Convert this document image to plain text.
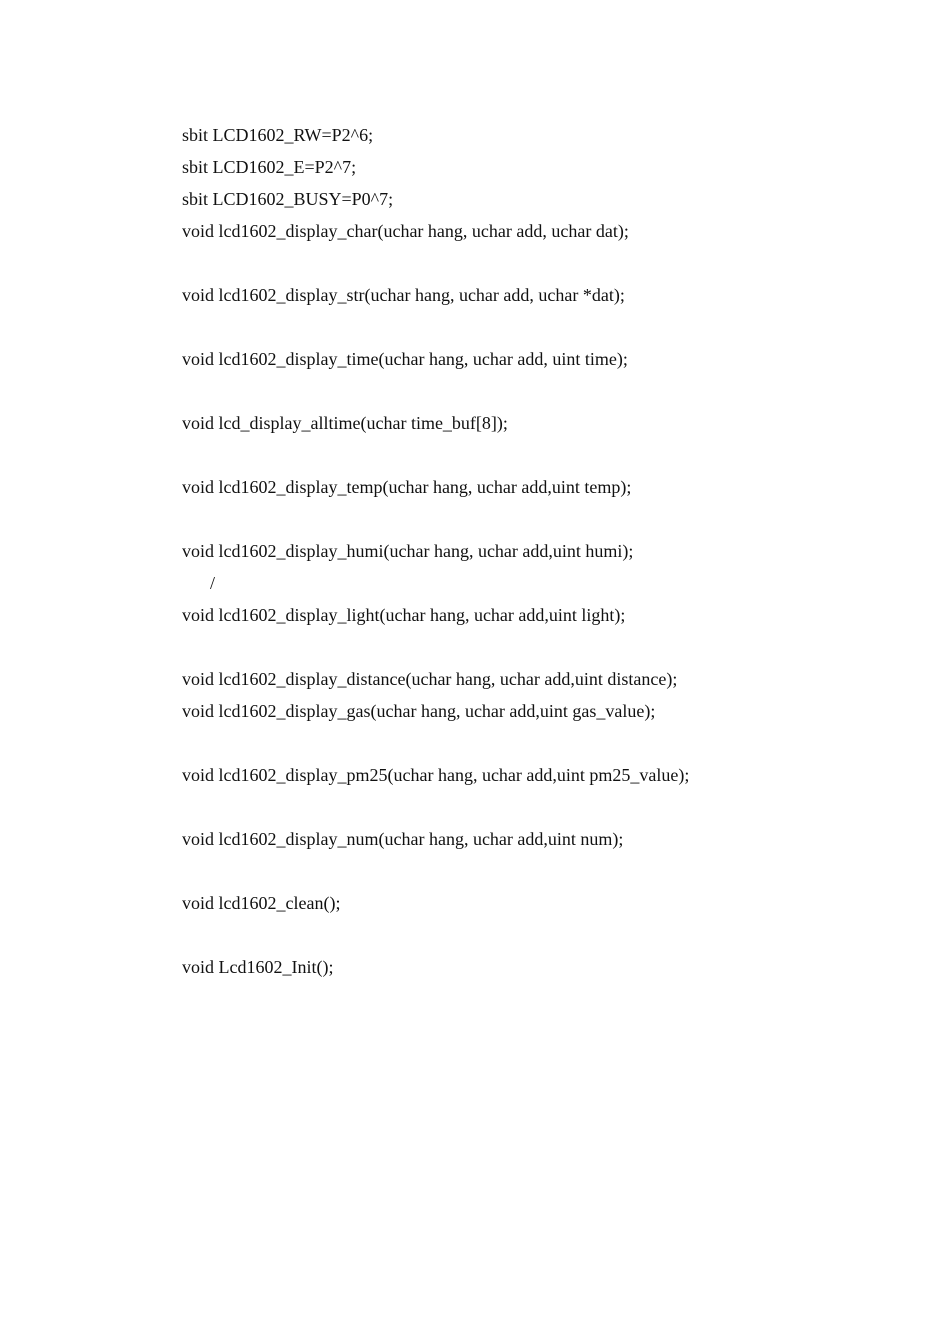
sbit LCD1602_RW=P2^6;
sbit LCD1602_E=P2^7;
sbit LCD1602_BUSY=P0^7;
void lcd1602_display_char(uchar hang, uchar add, uchar dat);
void lcd1602_display_str(uchar hang, uchar add, uchar *dat);
void lcd1602_display_time(uchar hang, uchar add, uint time);
void lcd_display_alltime(uchar time_buf[8]);
void lcd1602_display_temp(uchar hang, uchar add,uint temp);
void lcd1602_display_humi(uchar hang, uchar add,uint humi);
/
void lcd1602_display_light(uchar hang, uchar add,uint light);
void lcd1602_display_distance(uchar hang, uchar add,uint distance);
void lcd1602_display_gas(uchar hang, uchar add,uint gas_value);
void lcd1602_display_pm25(uchar hang, uchar add,uint pm25_value);
void lcd1602_display_num(uchar hang, uchar add,uint num);
void lcd1602_clean();
void Lcd1602_Init();
